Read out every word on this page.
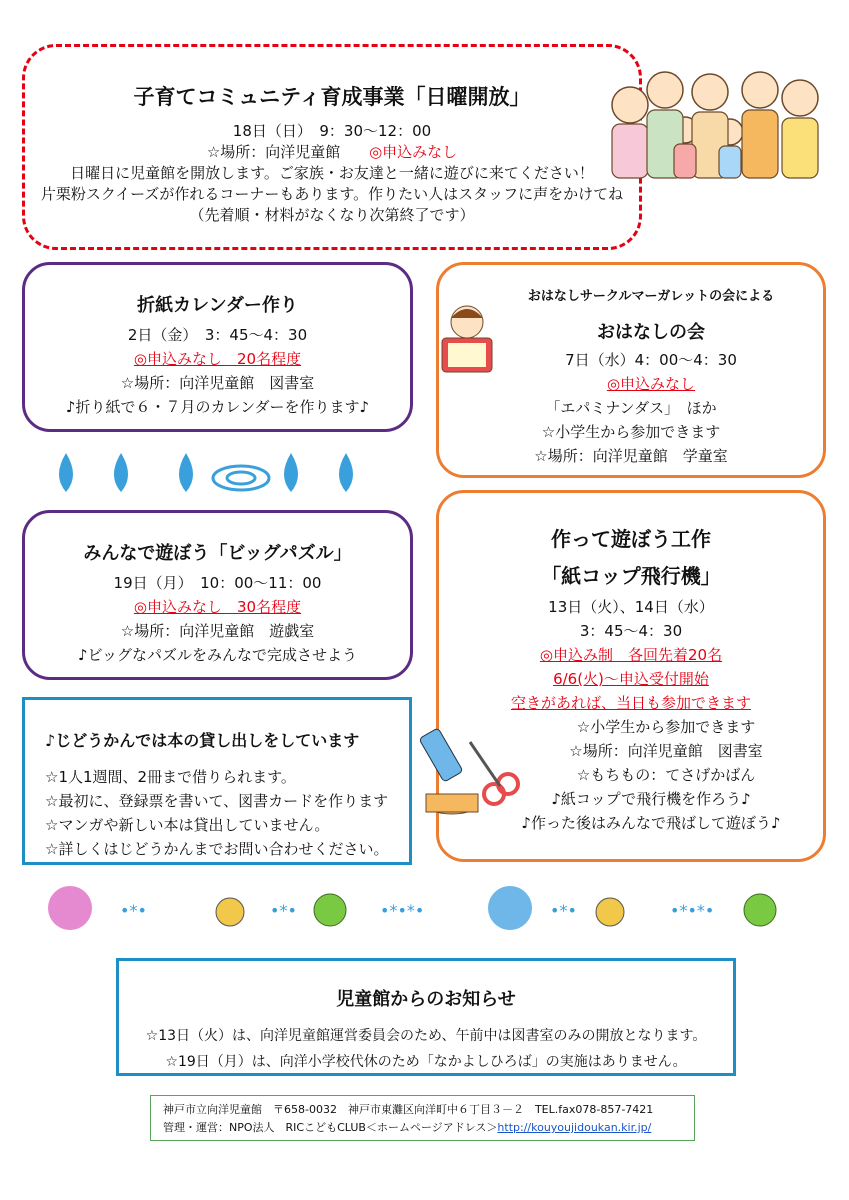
子育てコミュニティ育成事業「日曜開放」
18日（日）　9：30〜12：00
☆場所：向洋児童館 ◎申込みなし
日曜日に児童館を開放します。ご家族・お友達と一緒に遊びに来てください！
片栗粉スクイーズが作れるコーナーもあります。作りたい人はスタッフに声をかけてね
（先着順・材料がなくなり次第終了です）
折紙カレンダー作り
2日（金）　3：45〜4：30
◎申込みなし　20名程度
☆場所：向洋児童館　図書室
♪折り紙で６・７月のカレンダーを作ります♪
おはなしサークルマーガレットの会による
おはなしの会
7日（水）4：00〜4：30
◎申込みなし
「エパミナンダス」　ほか
☆小学生から参加できます
☆場所：向洋児童館　学童室
みんなで遊ぼう「ビッグパズル」
19日（月）　10：00〜11：00
◎申込みなし　30名程度
☆場所：向洋児童館　遊戯室
♪ビッグなパズルをみんなで完成させよう
作って遊ぼう工作
「紙コップ飛行機」
13日（火）、14日（水）
3：45〜4：30
◎申込み制　各回先着20名
6/6(火)〜申込受付開始
空きがあれば、当日も参加できます
☆小学生から参加できます
☆場所：向洋児童館　図書室
☆もちもの：てさげかばん
♪紙コップで飛行機を作ろう♪
♪作った後はみんなで飛ばして遊ぼう♪
♪じどうかんでは本の貸し出しをしています
☆1人1週間、2冊まで借りられます。
☆最初に、登録票を書いて、図書カードを作ります
☆マンガや新しい本は貸出していません。
☆詳しくはじどうかんまでお問い合わせください。
•*•	•*•	•*•*•	•*•	•*•*•
児童館からのお知らせ
☆13日（火）は、向洋児童館運営委員会のため、午前中は図書室のみの開放となります。
☆19日（月）は、向洋小学校代休のため「なかよしひろば」の実施はありません。
神戸市立向洋児童館　〒658-0032　神戸市東灘区向洋町中６丁目３－２　TEL.fax078-857-7421
管理・運営：NPO法人　RICこどもCLUB＜ホームページアドレス＞http://kouyoujidoukan.kir.jp/
